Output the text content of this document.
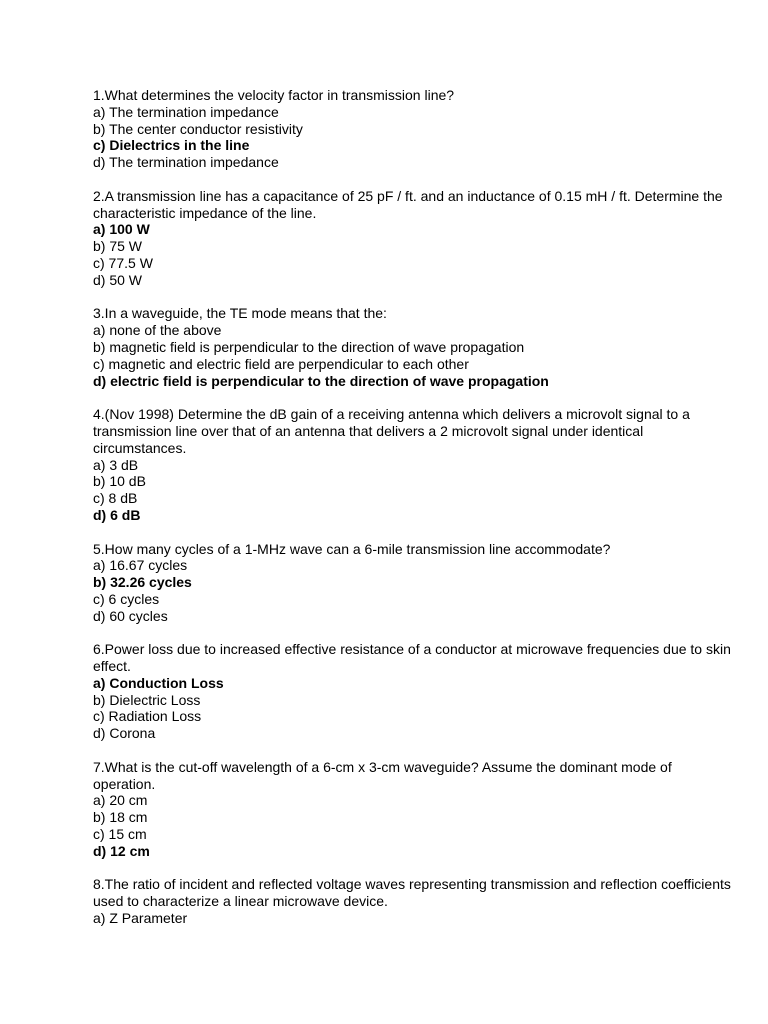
1.What determines the velocity factor in transmission line?
a) The termination impedance
b) The center conductor resistivity
c) Dielectrics in the line
d) The termination impedance
2.A transmission line has a capacitance of 25 pF / ft. and an inductance of 0.15 mH / ft. Determine the characteristic impedance of the line.
a) 100 W
b) 75 W
c) 77.5 W
d) 50 W
3.In a waveguide, the TE mode means that the:
a) none of the above
b) magnetic field is perpendicular to the direction of wave propagation
c) magnetic and electric field are perpendicular to each other
d) electric field is perpendicular to the direction of wave propagation
4.(Nov 1998) Determine the dB gain of a receiving antenna which delivers a microvolt signal to a transmission line over that of an antenna that delivers a 2 microvolt signal under identical circumstances.
a) 3 dB
b) 10 dB
c) 8 dB
d) 6 dB
5.How many cycles of a 1-MHz wave can a 6-mile transmission line accommodate?
a) 16.67 cycles
b) 32.26 cycles
c) 6 cycles
d) 60 cycles
6.Power loss due to increased effective resistance of a conductor at microwave frequencies due to skin effect.
a) Conduction Loss
b) Dielectric Loss
c) Radiation Loss
d) Corona
7.What is the cut-off wavelength of a 6-cm x 3-cm waveguide? Assume the dominant mode of operation.
a) 20 cm
b) 18 cm
c) 15 cm
d) 12 cm
8.The ratio of incident and reflected voltage waves representing transmission and reflection coefficients used to characterize a linear microwave device.
a) Z Parameter
